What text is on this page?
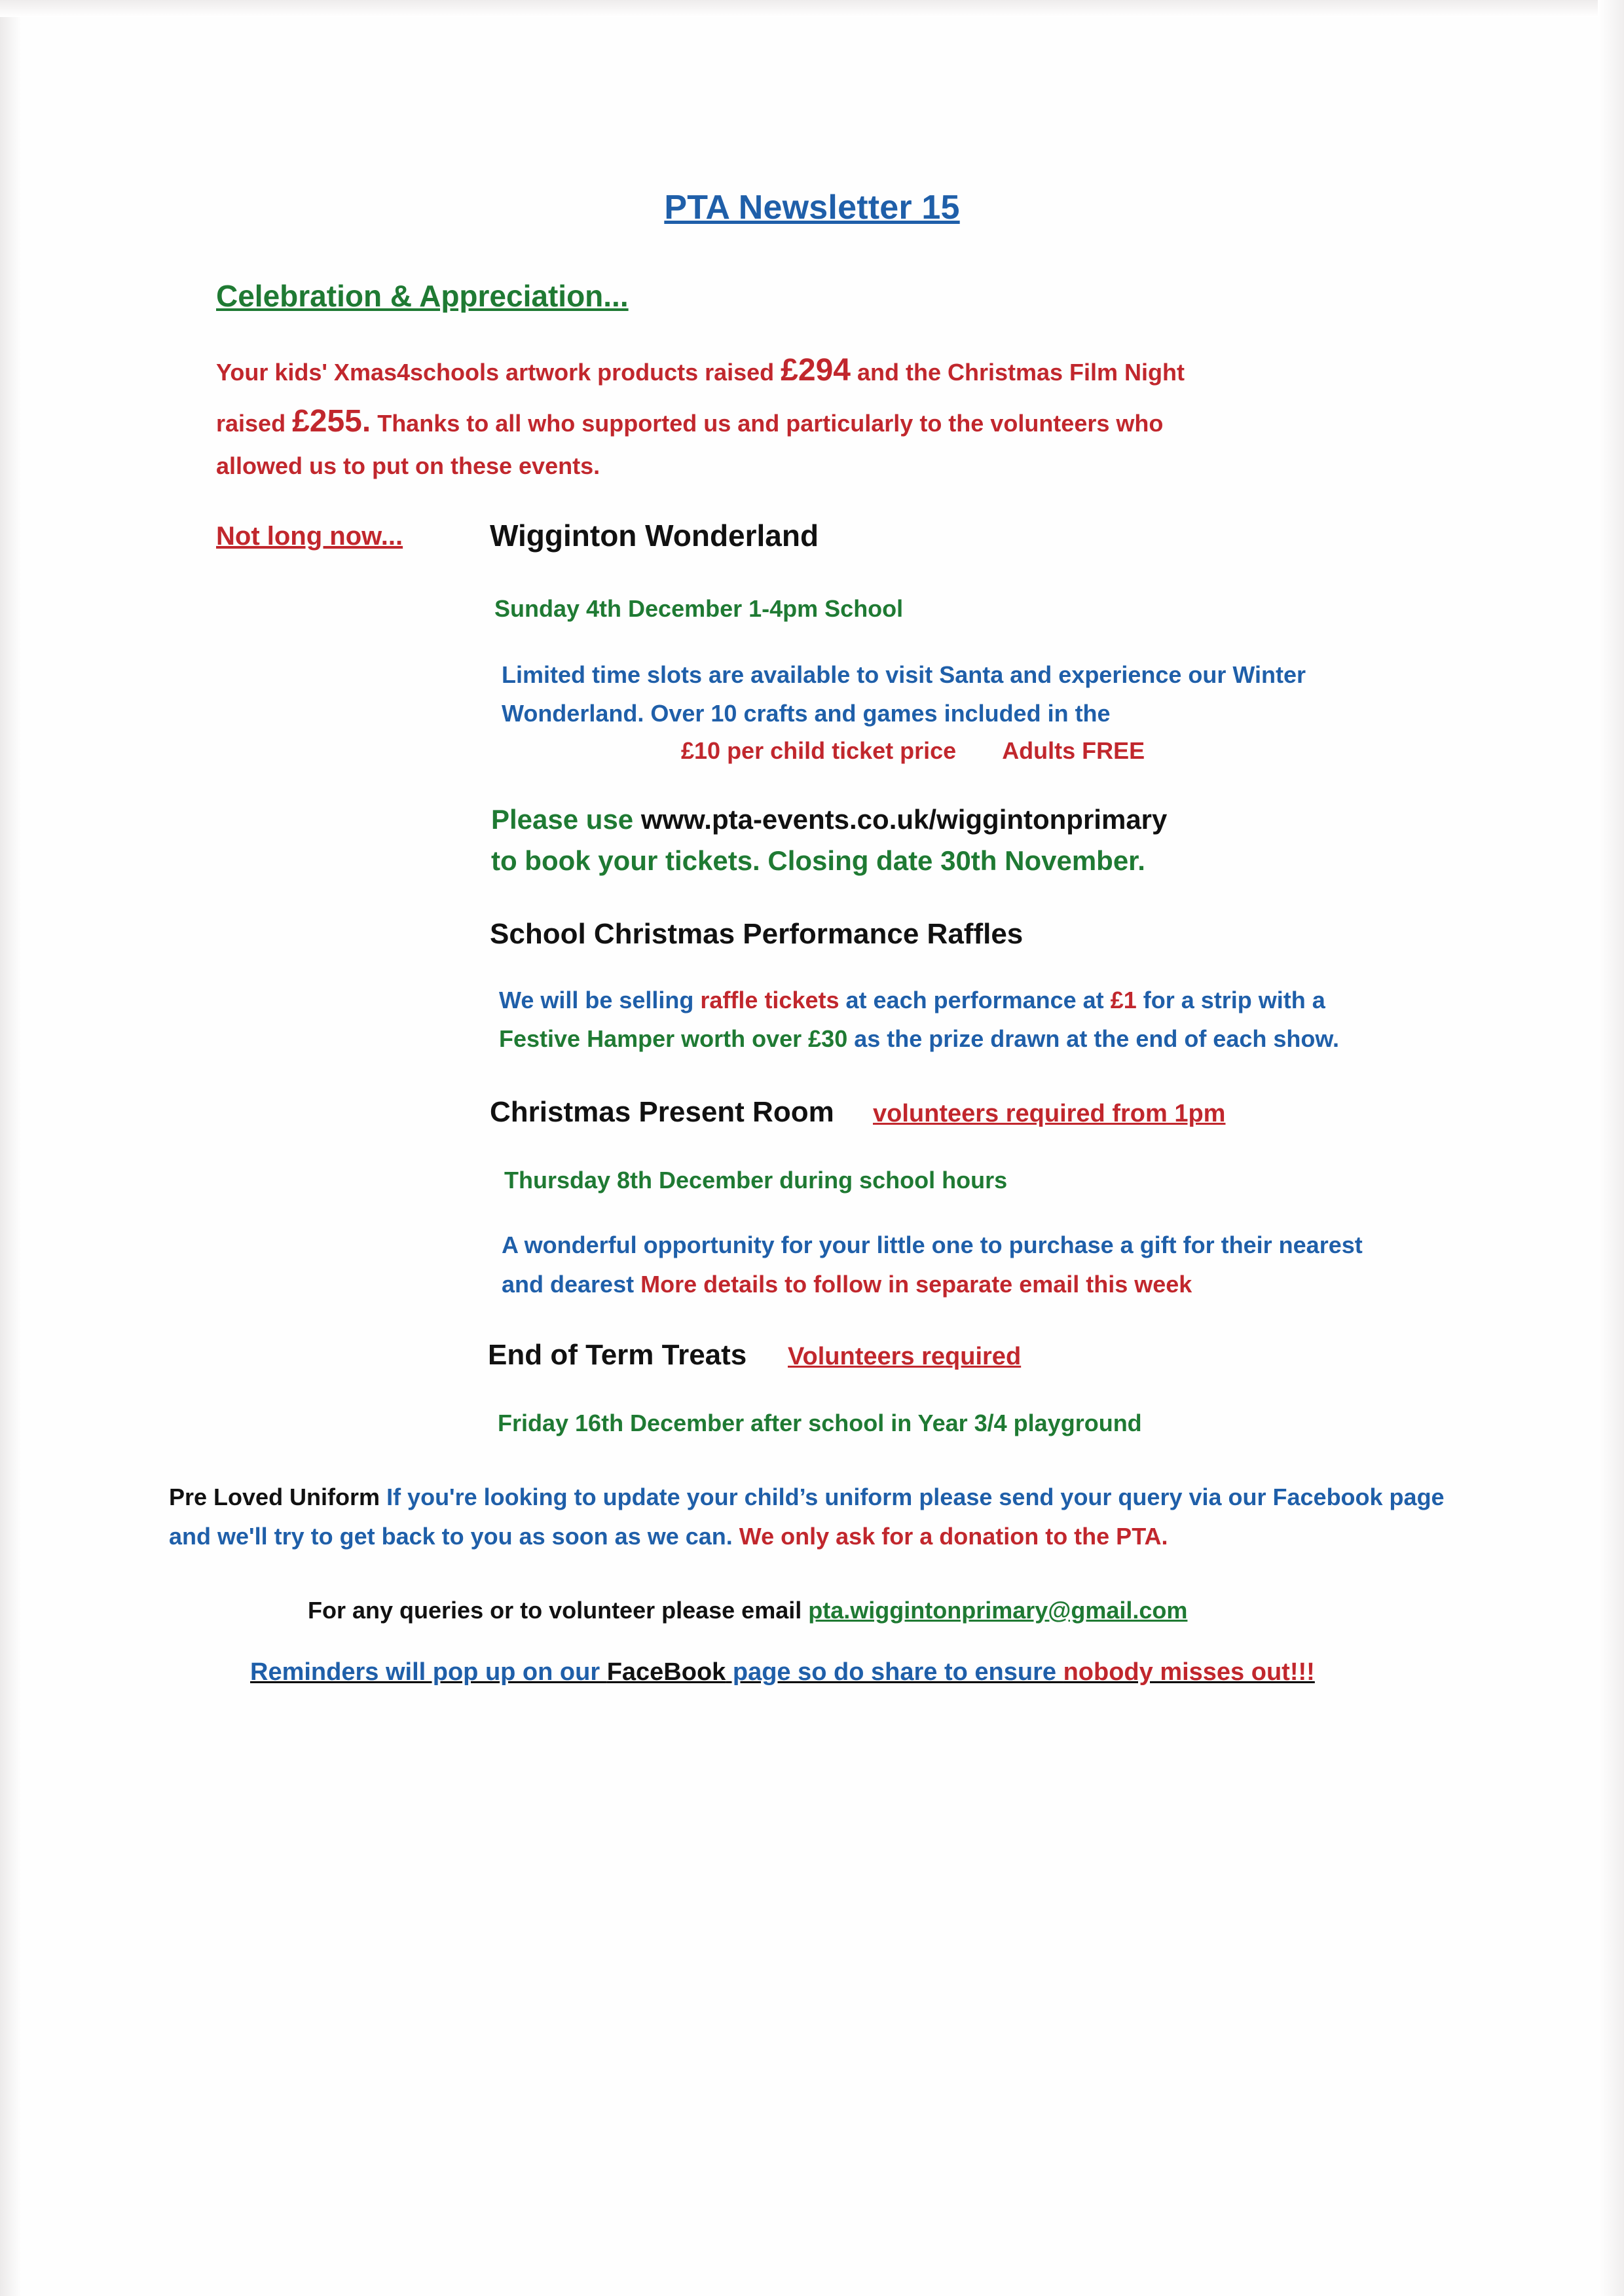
PTA Newsletter 15
Celebration & Appreciation...

Your kids' Xmas4schools artwork products raised £294 and the Christmas Film Night raised £255. Thanks to all who supported us and particularly to the volunteers who allowed us to put on these events.

Not long now...	Wigginton Wonderland
Sunday 4th December 1-4pm School
Limited time slots are available to visit Santa and experience our Winter Wonderland. Over 10 crafts and games included in the
£10 per child ticket price Adults FREE
Please use www.pta-events.co.uk/wiggintonprimary
to book your tickets. Closing date 30th November.
School Christmas Performance Raffles
We will be selling raffle tickets at each performance at £1 for a strip with a Festive Hamper worth over £30 as the prize drawn at the end of each show.
Christmas Present Room volunteers required from 1pm
Thursday 8th December during school hours
A wonderful opportunity for your little one to purchase a gift for their nearest and dearest More details to follow in separate email this week
End of Term Treats Volunteers required
Friday 16th December after school in Year 3/4 playground
Pre Loved Uniform If you're looking to update your child’s uniform please send your query via our Facebook page and we'll try to get back to you as soon as we can. We only ask for a donation to the PTA.
For any queries or to volunteer please email pta.wiggintonprimary@gmail.com
Reminders will pop up on our FaceBook page so do share to ensure nobody misses out!!!
